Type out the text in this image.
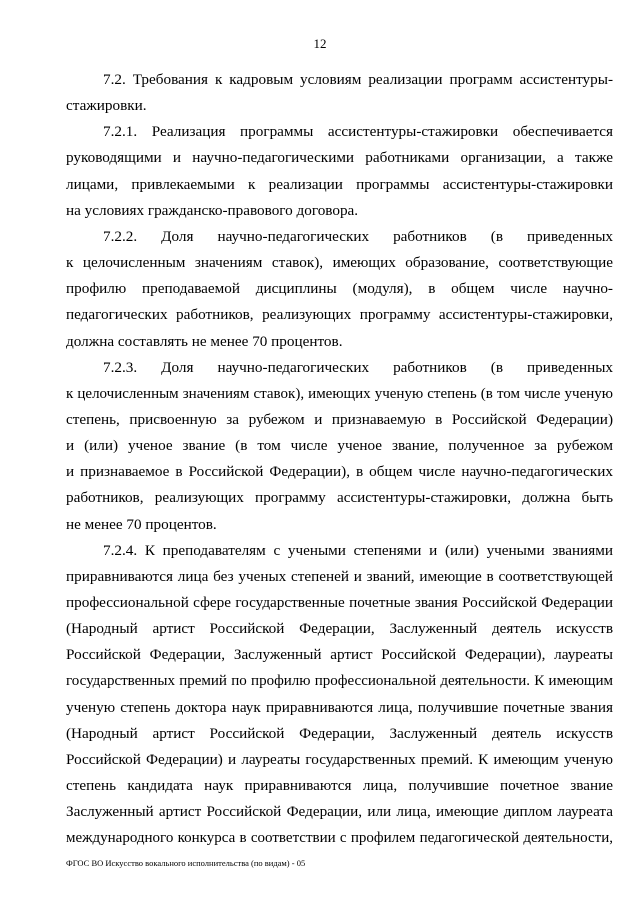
12
7.2. Требования к кадровым условиям реализации программ ассистентуры-
стажировки.
7.2.1. Реализация программы ассистентуры-стажировки обеспечивается
руководящими и научно-педагогическими работниками организации, а также
лицами, привлекаемыми к реализации программы ассистентуры-стажировки
на условиях гражданско-правового договора.
7.2.2. Доля научно-педагогических работников (в приведенных
к целочисленным значениям ставок), имеющих образование, соответствующие
профилю преподаваемой дисциплины (модуля), в общем числе научно-
педагогических работников, реализующих программу ассистентуры-стажировки,
должна составлять не менее 70 процентов.
7.2.3. Доля научно-педагогических работников (в приведенных
к целочисленным значениям ставок), имеющих ученую степень (в том числе ученую
степень, присвоенную за рубежом и признаваемую в Российской Федерации)
и (или) ученое звание (в том числе ученое звание, полученное за рубежом
и признаваемое в Российской Федерации), в общем числе научно-педагогических
работников, реализующих программу ассистентуры-стажировки, должна быть
не менее 70 процентов.
7.2.4. К преподавателям с учеными степенями и (или) учеными званиями
приравниваются лица без ученых степеней и званий, имеющие в соответствующей
профессиональной сфере государственные почетные звания Российской Федерации
(Народный артист Российской Федерации, Заслуженный деятель искусств
Российской Федерации, Заслуженный артист Российской Федерации), лауреаты
государственных премий по профилю профессиональной деятельности. К имеющим
ученую степень доктора наук приравниваются лица, получившие почетные звания
(Народный артист Российской Федерации, Заслуженный деятель искусств
Российской Федерации) и лауреаты государственных премий. К имеющим ученую
степень кандидата наук приравниваются лица, получившие почетное звание
Заслуженный артист Российской Федерации, или лица, имеющие диплом лауреата
международного конкурса в соответствии с профилем педагогической деятельности,
ФГОС ВО Искусство вокального исполнительства (по видам) - 05
